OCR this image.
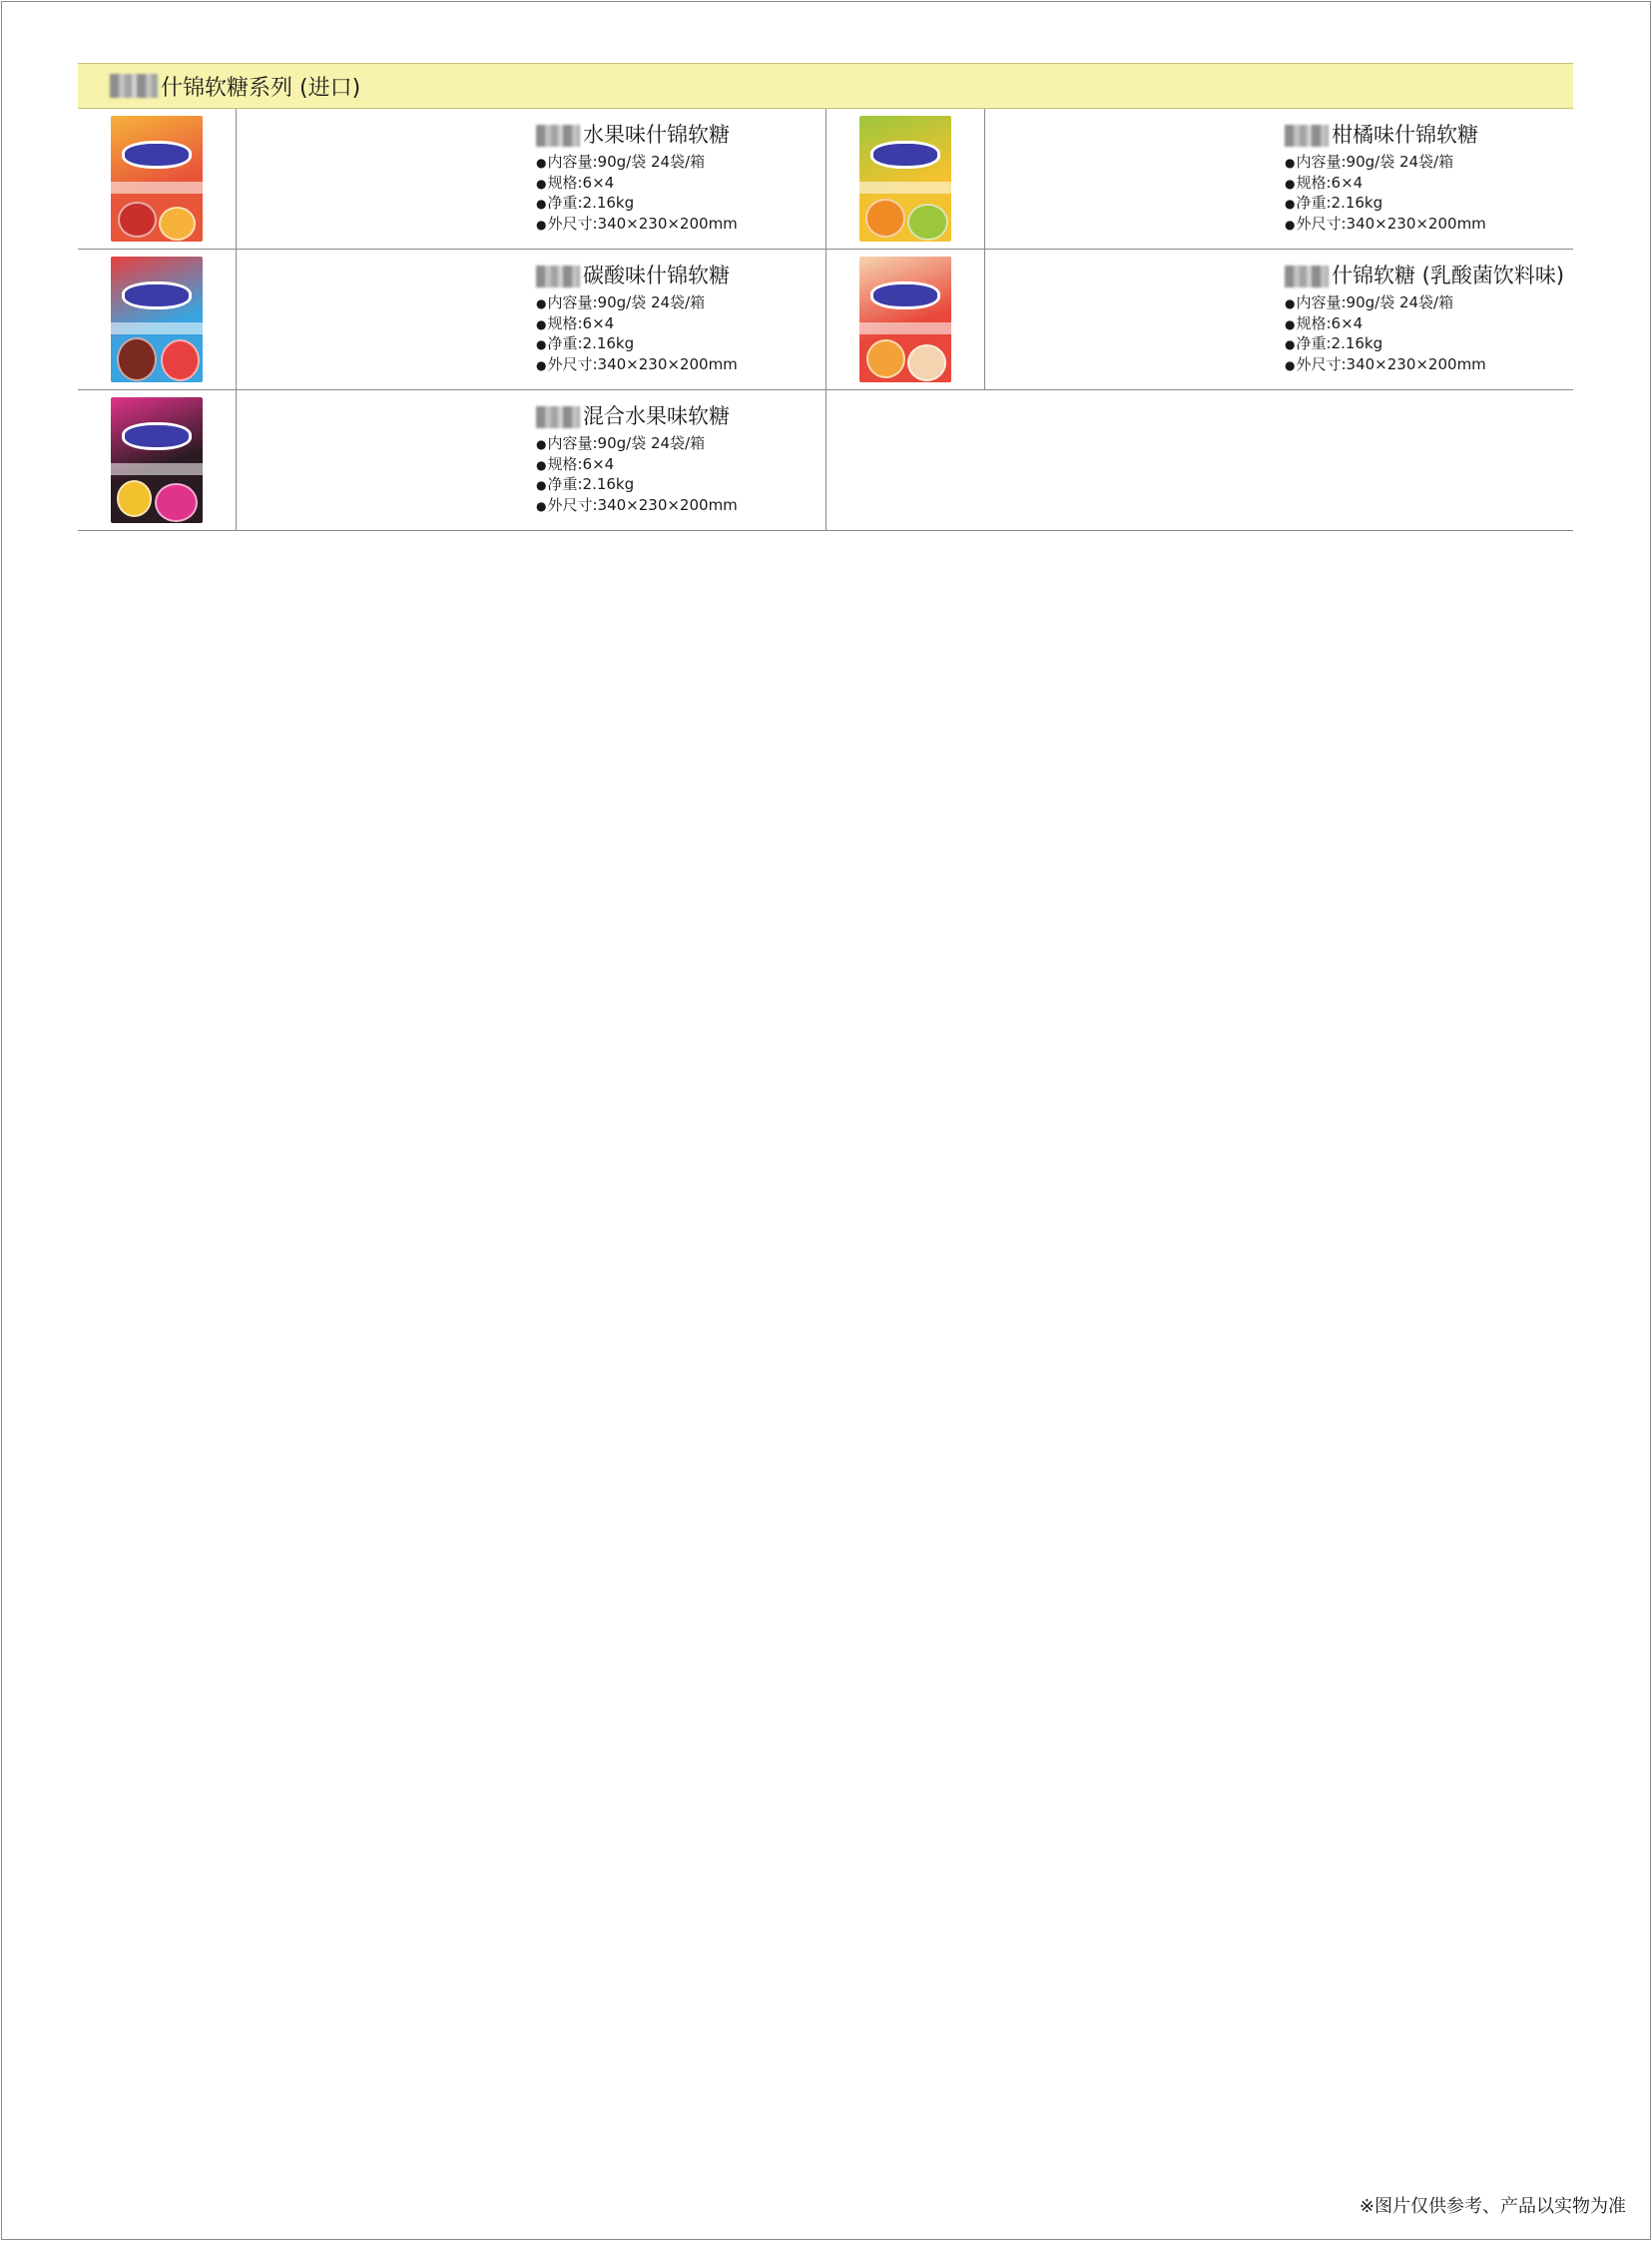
什锦软糖系列 (进口)
水果味什锦软糖
● 内容量:90g/袋 24袋/箱
● 规格:6×4
● 净重:2.16kg
● 外尺寸:340×230×200mm
柑橘味什锦软糖
● 内容量:90g/袋 24袋/箱
● 规格:6×4
● 净重:2.16kg
● 外尺寸:340×230×200mm
碳酸味什锦软糖
● 内容量:90g/袋 24袋/箱
● 规格:6×4
● 净重:2.16kg
● 外尺寸:340×230×200mm
什锦软糖 (乳酸菌饮料味)
● 内容量:90g/袋 24袋/箱
● 规格:6×4
● 净重:2.16kg
● 外尺寸:340×230×200mm
混合水果味软糖
● 内容量:90g/袋 24袋/箱
● 规格:6×4
● 净重:2.16kg
● 外尺寸:340×230×200mm
※图片仅供参考、产品以实物为准
